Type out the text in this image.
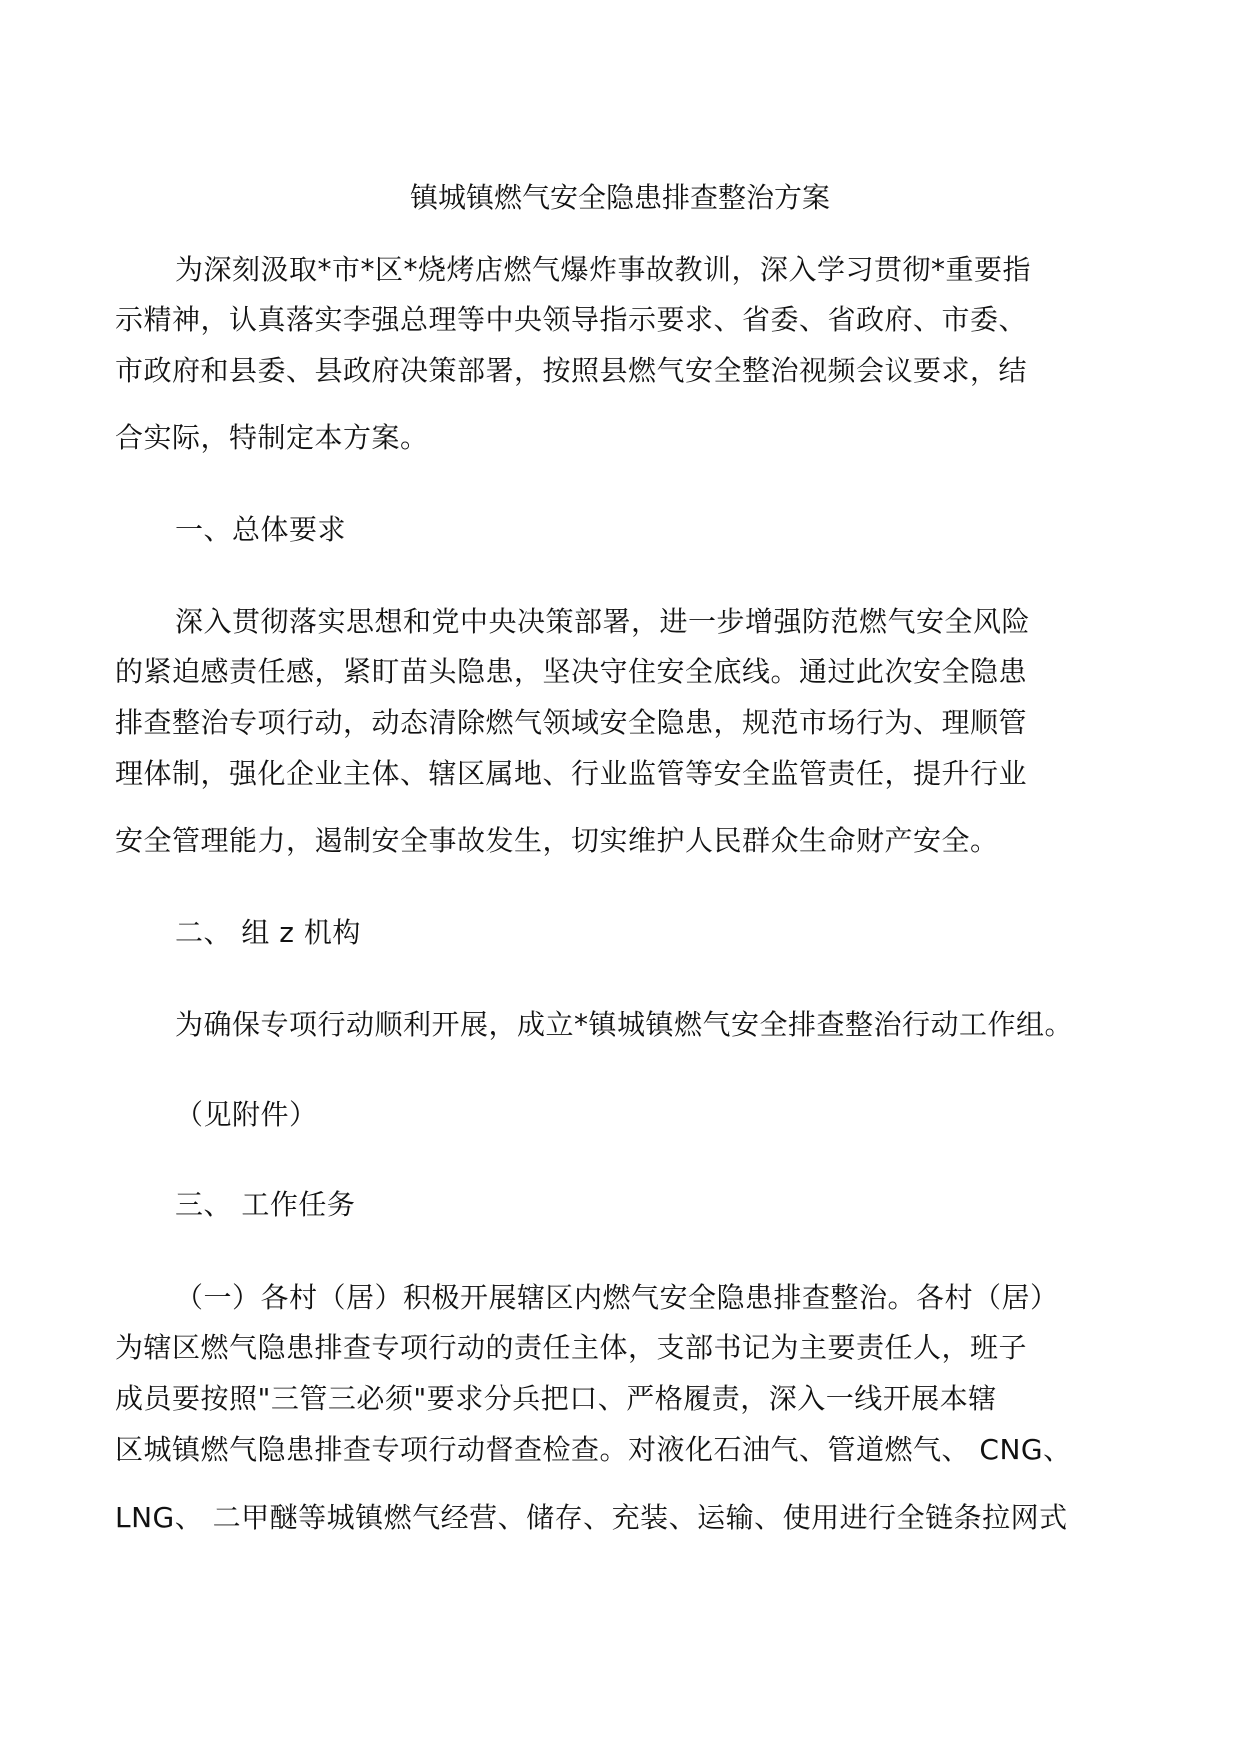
镇城镇燃气安全隐患排查整治方案
为深刻汲取*市*区*烧烤店燃气爆炸事故教训，深入学习贯彻*重要指
示精神，认真落实李强总理等中央领导指示要求、省委、省政府、市委、
市政府和县委、县政府决策部署，按照县燃气安全整治视频会议要求，结
合实际，特制定本方案。
一、总体要求
深入贯彻落实思想和党中央决策部署，进一步增强防范燃气安全风险
的紧迫感责任感，紧盯苗头隐患，坚决守住安全底线。通过此次安全隐患
排查整治专项行动，动态清除燃气领域安全隐患，规范市场行为、理顺管
理体制，强化企业主体、辖区属地、行业监管等安全监管责任，提升行业
安全管理能力，遏制安全事故发生，切实维护人民群众生命财产安全。
二、 组 z 机构
为确保专项行动顺利开展，成立*镇城镇燃气安全排查整治行动工作组。
（见附件）
三、 工作任务
（一）各村（居）积极开展辖区内燃气安全隐患排查整治。各村（居）
为辖区燃气隐患排查专项行动的责任主体，支部书记为主要责任人，班子
成员要按照"三管三必须"要求分兵把口、严格履责，深入一线开展本辖
区城镇燃气隐患排查专项行动督查检查。对液化石油气、管道燃气、 CNG、
LNG、 二甲醚等城镇燃气经营、储存、充装、运输、使用进行全链条拉网式
